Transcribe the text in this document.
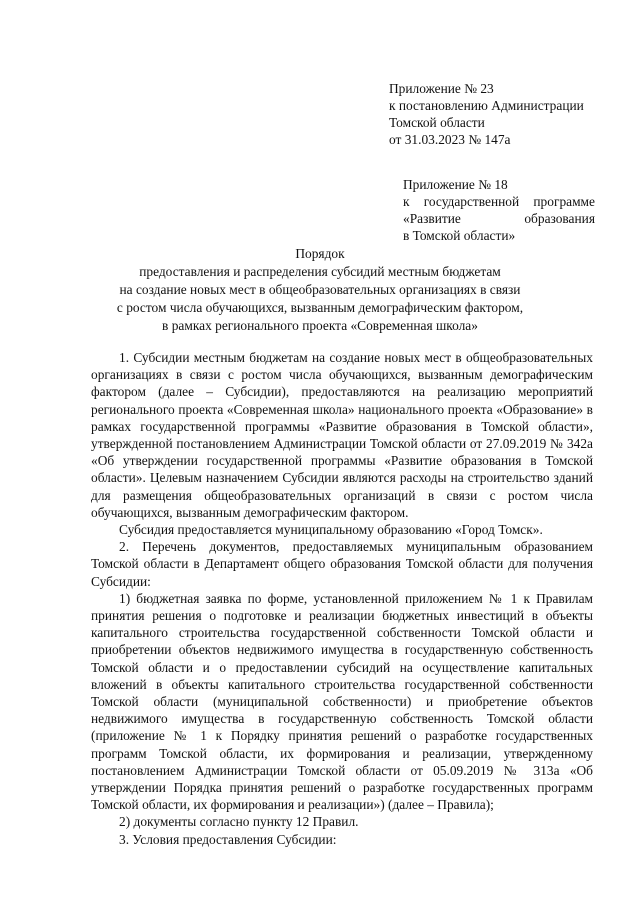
Приложение № 23
к постановлению Администрации
Томской области
от 31.03.2023 № 147а
Приложение № 18
к государственной программе
«Развитие	образования
в Томской области»
Порядок
предоставления и распределения субсидий местным бюджетам
на создание новых мест в общеобразовательных организациях в связи
с ростом числа обучающихся, вызванным демографическим фактором,
в рамках регионального проекта «Современная школа»

1. Субсидии местным бюджетам на создание новых мест в общеобразовательных организациях в связи с ростом числа обучающихся, вызванным демографическим фактором (далее – Субсидии), предоставляются на реализацию мероприятий регионального проекта «Современная школа» национального проекта «Образование» в рамках государственной программы «Развитие образования в Томской области», утвержденной постановлением Администрации Томской области от 27.09.2019 № 342а «Об утверждении государственной программы «Развитие образования в Томской области». Целевым назначением Субсидии являются расходы на строительство зданий для размещения общеобразовательных организаций в связи с ростом числа обучающихся, вызванным демографическим фактором.

Субсидия предоставляется муниципальному образованию «Город Томск».

2. Перечень документов, предоставляемых муниципальным образованием Томской области в Департамент общего образования Томской области для получения Субсидии:

1) бюджетная заявка по форме, установленной приложением № 1 к Правилам принятия решения о подготовке и реализации бюджетных инвестиций в объекты капитального строительства государственной собственности Томской области и приобретении объектов недвижимого имущества в государственную собственность Томской области и о предоставлении субсидий на осуществление капитальных вложений в объекты капитального строительства государственной собственности Томской области (муниципальной собственности) и приобретение объектов недвижимого имущества в государственную собственность Томской области (приложение № 1 к Порядку принятия решений о разработке государственных программ Томской области, их формирования и реализации, утвержденному постановлением Администрации Томской области от 05.09.2019 № 313а «Об утверждении Порядка принятия решений о разработке государственных программ Томской области, их формирования и реализации») (далее – Правила);

2) документы согласно пункту 12 Правил.

3. Условия предоставления Субсидии:
